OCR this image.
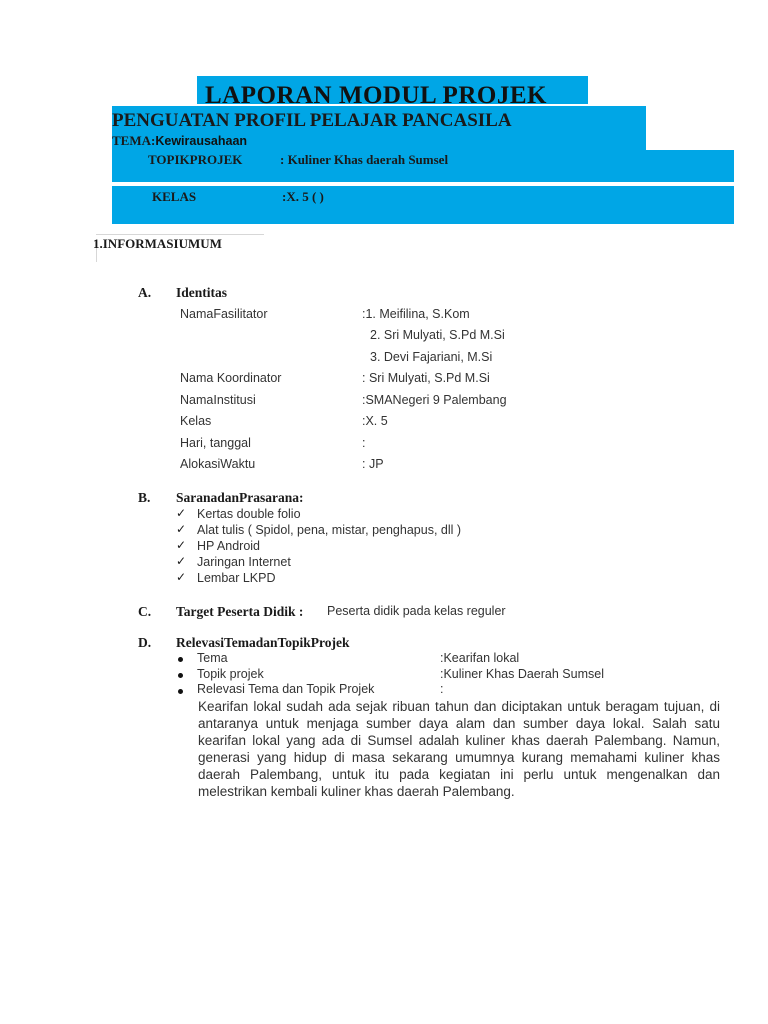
LAPORAN MODUL PROJEK
PENGUATAN PROFIL PELAJAR PANCASILA
TEMA:Kewirausahaan
TOPIKPROJEK	: Kuliner Khas daerah Sumsel
KELAS	:X. 5 ( )
1.INFORMASIUMUM
A. Identitas
NamaFasilitator	:1. Meifilina, S.Kom
2. Sri Mulyati, S.Pd M.Si
3. Devi Fajariani, M.Si
Nama Koordinator	: Sri Mulyati, S.Pd M.Si
NamaInstitusi	:SMANegeri 9 Palembang
Kelas	:X. 5
Hari, tanggal	:
AlokasiWaktu	: JP
B. SaranadanPrasarana:
✓ Kertas double folio
✓ Alat tulis ( Spidol, pena, mistar, penghapus, dll )
✓ HP Android
✓ Jaringan Internet
✓ Lembar LKPD
C. Target Peserta Didik : Peserta didik pada kelas reguler
D. RelevasiTemadanTopikProjek
Tema	:Kearifan lokal
Topik projek	:Kuliner Khas Daerah Sumsel
Relevasi Tema dan Topik Projek	:
Kearifan lokal sudah ada sejak ribuan tahun dan diciptakan untuk beragam tujuan, di antaranya untuk menjaga sumber daya alam dan sumber daya lokal. Salah satu kearifan lokal yang ada di Sumsel adalah kuliner khas daerah Palembang. Namun, generasi yang hidup di masa sekarang umumnya kurang memahami kuliner khas daerah Palembang, untuk itu pada kegiatan ini perlu untuk mengenalkan dan melestrikan kembali kuliner khas daerah Palembang.
